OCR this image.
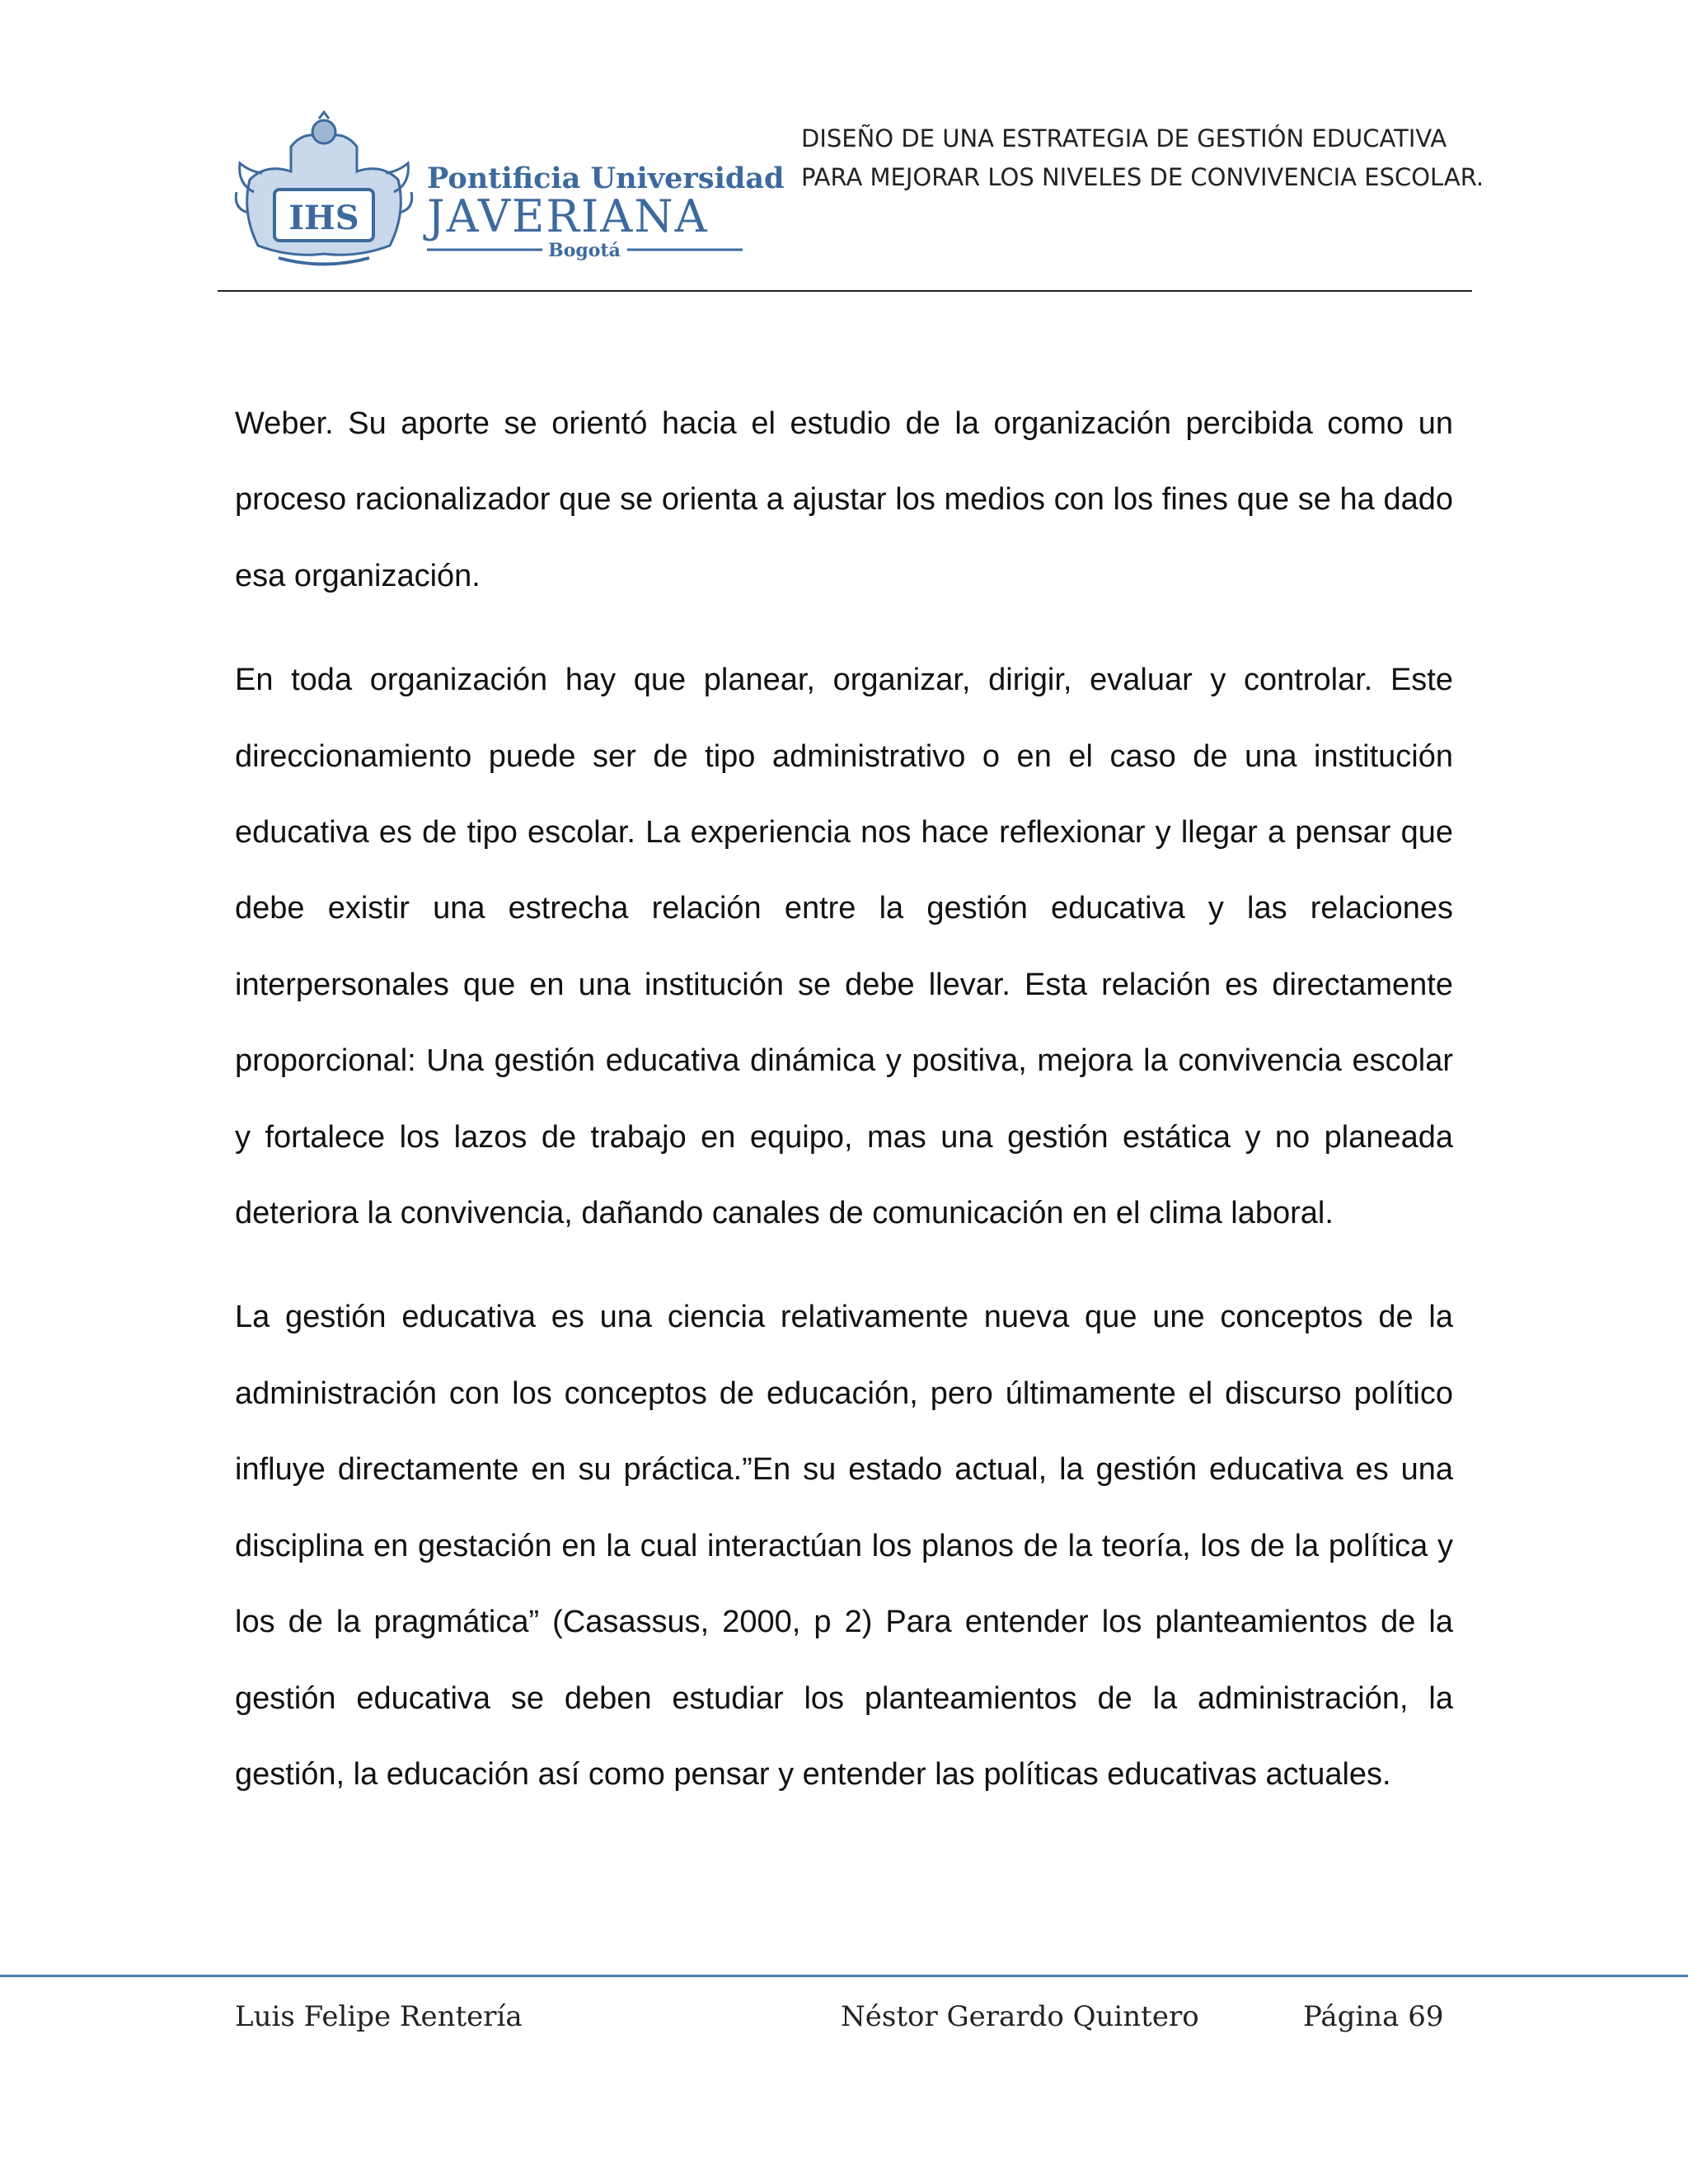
IHS
Pontificia Universidad
JAVERIANA
Bogotá
DISEÑO DE UNA ESTRATEGIA DE GESTIÓN EDUCATIVA
PARA MEJORAR LOS NIVELES DE CONVIVENCIA ESCOLAR.

Weber. Su aporte se orientó hacia el estudio de la organización percibida como un proceso racionalizador que se orienta a ajustar los medios con los fines que se ha dado esa organización.

En toda organización hay que planear, organizar, dirigir, evaluar y controlar. Este direccionamiento puede ser de tipo administrativo o en el caso de una institución educativa es de tipo escolar. La experiencia nos hace reflexionar y llegar a pensar que debe existir una estrecha relación entre la gestión educativa y las relaciones interpersonales que en una institución se debe llevar. Esta relación es directamente proporcional: Una gestión educativa dinámica y positiva, mejora la convivencia escolar y fortalece los lazos de trabajo en equipo, mas una gestión estática y no planeada deteriora la convivencia, dañando canales de comunicación en el clima laboral.

La gestión educativa es una ciencia relativamente nueva que une conceptos de la administración con los conceptos de educación, pero últimamente el discurso político influye directamente en su práctica.”En su estado actual, la gestión educativa es una disciplina en gestación en la cual interactúan los planos de la teoría, los de la política y los de la pragmática” (Casassus, 2000, p 2) Para entender los planteamientos de la gestión educativa se deben estudiar los planteamientos de la administración, la gestión, la educación así como pensar y entender las políticas educativas actuales.

Luis Felipe Rentería	Néstor Gerardo Quintero	Página 69
